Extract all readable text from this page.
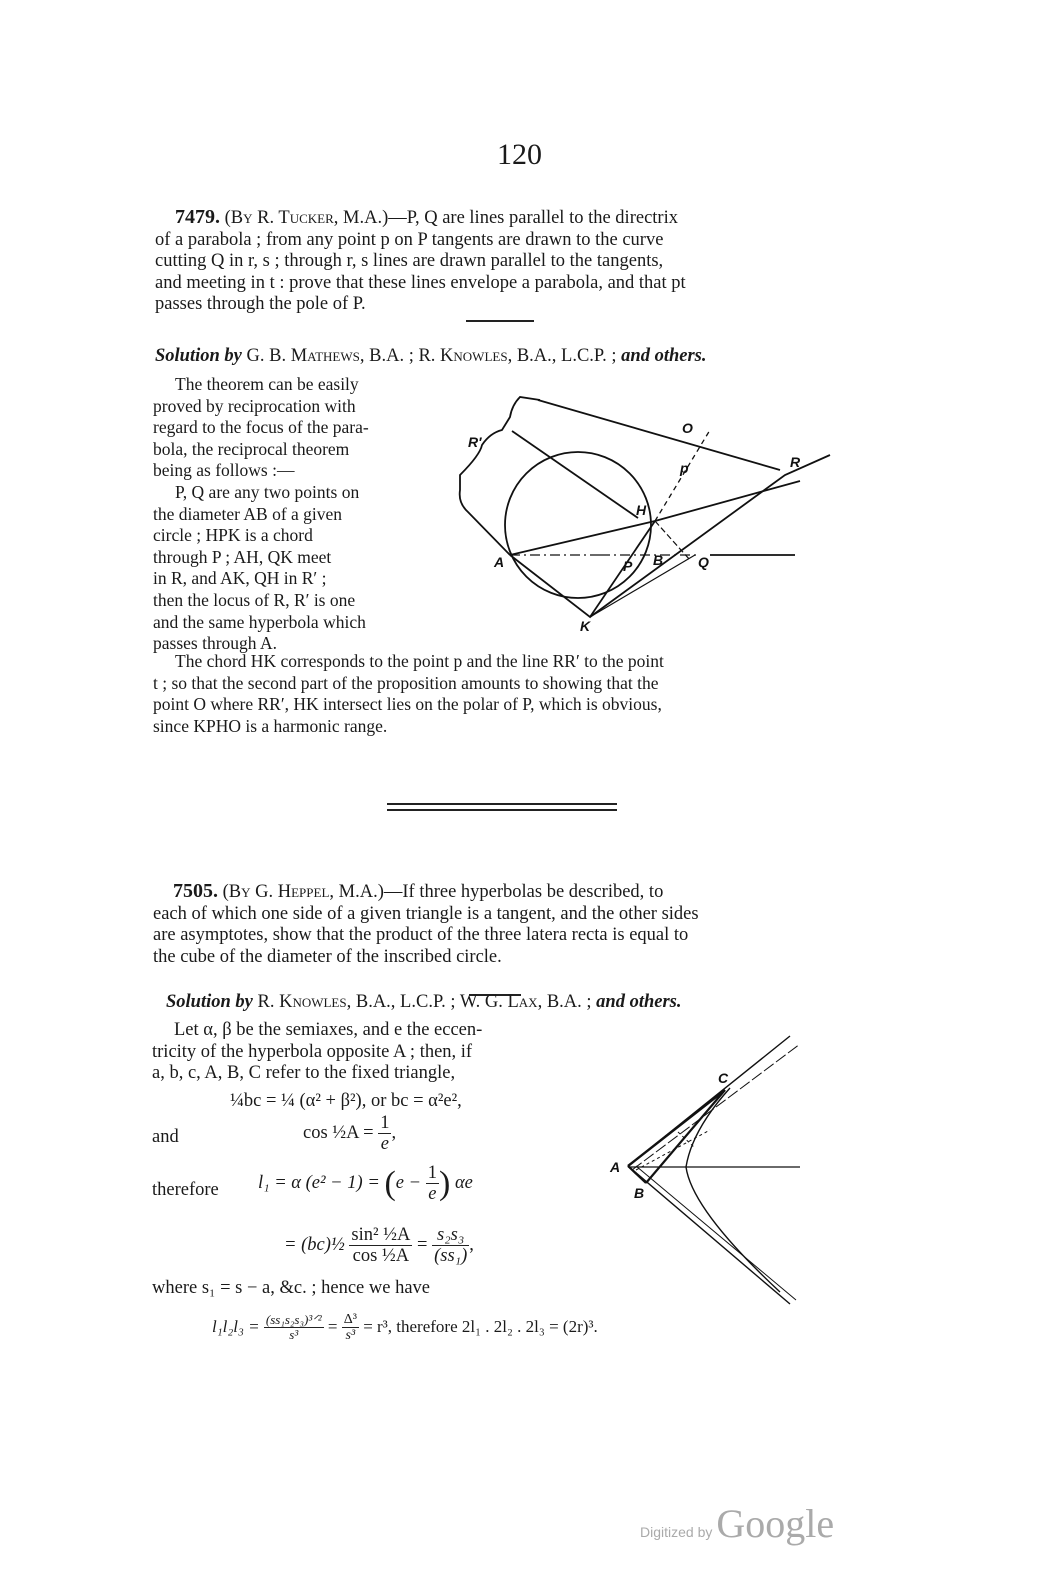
120
7479. (By R. Tucker, M.A.)—P, Q are lines parallel to the directrix
of a parabola ; from any point p on P tangents are drawn to the curve
cutting Q in r, s ; through r, s lines are drawn parallel to the tangents,
and meeting in t : prove that these lines envelope a parabola, and that pt
passes through the pole of P.
Solution by G. B. Mathews, B.A. ; R. Knowles, B.A., L.C.P. ; and others.
The theorem can be easily
proved by reciprocation with
regard to the focus of the para-
bola, the reciprocal theorem
being as follows :—
P, Q are any two points on
the diameter AB of a given
circle ; HPK is a chord
through P ; AH, QK meet
in R, and AK, QH in R′ ;
then the locus of R, R′ is one
and the same hyperbola which
passes through A.
R′
O
p	R
H
A	P B Q
K
The chord HK corresponds to the point p and the line RR′ to the point
t ; so that the second part of the proposition amounts to showing that the
point O where RR′, HK intersect lies on the polar of P, which is obvious,
since KPHO is a harmonic range.
7505. (By G. Heppel, M.A.)—If three hyperbolas be described, to
each of which one side of a given triangle is a tangent, and the other sides
are asymptotes, show that the product of the three latera recta is equal to
the cube of the diameter of the inscribed circle.
Solution by R. Knowles, B.A., L.C.P. ; W. G. Lax, B.A. ; and others.
Let α, β be the semiaxes, and e the eccen-
tricity of the hyperbola opposite A ; then, if
a, b, c, A, B, C refer to the fixed triangle,
¼bc = ¼ (α² + β²), or bc = α²e²,
and	cos ½A = $\frac{1}{e}$ ,
therefore l₁ = α $(e^2 - 1) = (e - \frac{1}{e}$ ) αe
= (bc)½ $\frac{\text{sin² ½A}}{\text{cos ½A}} = \frac{\text{s₂s₃}}{\text{(ss₁)}}$ ,
where s₁ = s − a, &c. ; hence we have
$l_1l_2l_3 = \frac{\text{(ss₁s₂s₃)³ᐟ²}}{\text{s³}} = \frac{\text{Δ³}}{\text{s³}} = r^3$, therefore 2l₁ . 2l₂ . 2l₃ = (2r)³.
A
B
C
Digitized by Google
